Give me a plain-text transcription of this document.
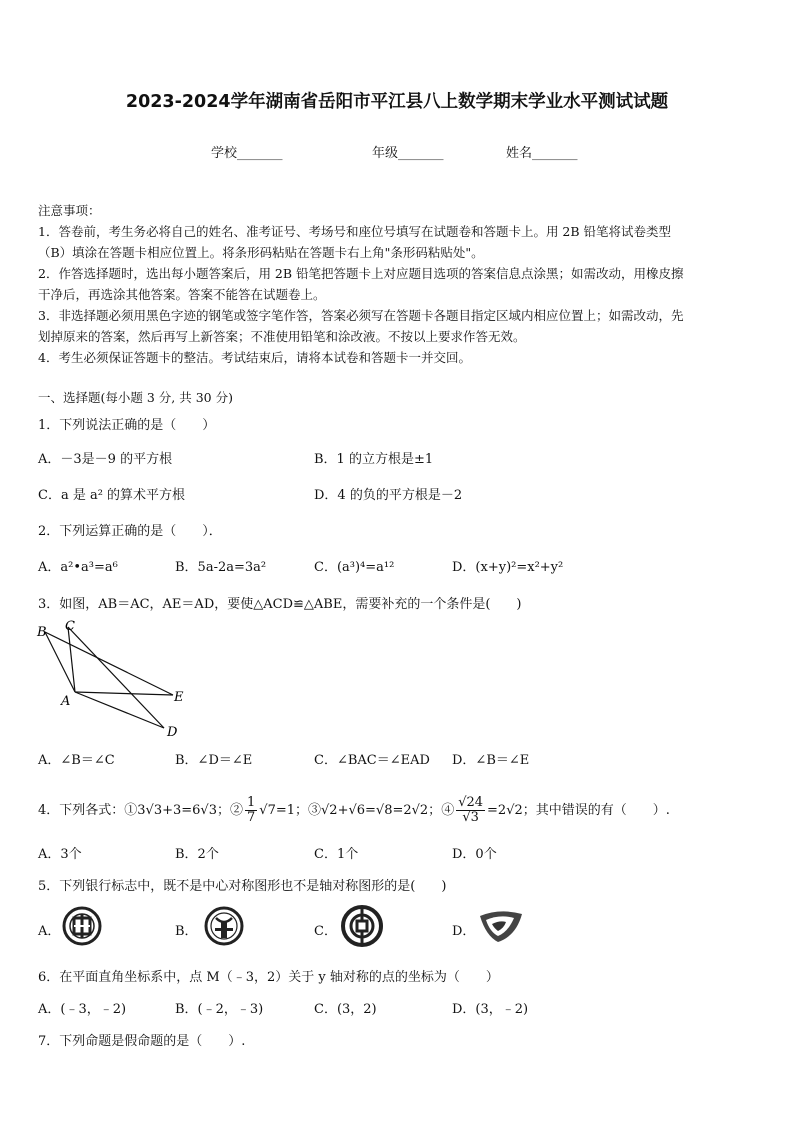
2023-2024学年湖南省岳阳市平江县八上数学期末学业水平测试试题
学校_______	年级_______	姓名_______
注意事项：
1．答卷前，考生务必将自己的姓名、准考证号、考场号和座位号填写在试题卷和答题卡上。用 2B 铅笔将试卷类型
（B）填涂在答题卡相应位置上。将条形码粘贴在答题卡右上角"条形码粘贴处"。
2．作答选择题时，选出每小题答案后，用 2B 铅笔把答题卡上对应题目选项的答案信息点涂黑；如需改动，用橡皮擦
干净后，再选涂其他答案。答案不能答在试题卷上。
3．非选择题必须用黑色字迹的钢笔或签字笔作答，答案必须写在答题卡各题目指定区域内相应位置上；如需改动，先
划掉原来的答案，然后再写上新答案；不准使用铅笔和涂改液。不按以上要求作答无效。
4．考生必须保证答题卡的整洁。考试结束后，请将本试卷和答题卡一并交回。
一、选择题(每小题 3 分, 共 30 分)
1．下列说法正确的是（　　）
A．－3是－9 的平方根	B．1 的立方根是±1
C．a 是 a² 的算术平方根	D．4 的负的平方根是－2
2．下列运算正确的是（　　）．
A．a²•a³=a⁶	B．5a-2a=3a²	C．(a³)⁴=a¹²	D．(x+y)²=x²+y²
3．如图，AB＝AC，AE＝AD，要使△ACD≌△ABE，需要补充的一个条件是(　　)
B C
A	E
D
A．∠B＝∠C	B．∠D＝∠E	C．∠BAC＝∠EAD D．∠B＝∠E
4．下列各式：①3√3+3=6√3；② $\frac{1}{7} √7=1$；③√2+√6=√8=2√2；④ $\frac{√24}{√3} =2√2$；其中错误的有（　　）.
A．3个	B．2个	C．1个	D．0个
5．下列银行标志中，既不是中心对称图形也不是轴对称图形的是(　　)
A．	B．	C．	D．
6．在平面直角坐标系中，点 M（﹣3，2）关于 y 轴对称的点的坐标为（　　）
A．(﹣3，﹣2)	B．(﹣2，﹣3)	C．(3，2)	D．(3，﹣2)
7．下列命题是假命题的是（　　）.
